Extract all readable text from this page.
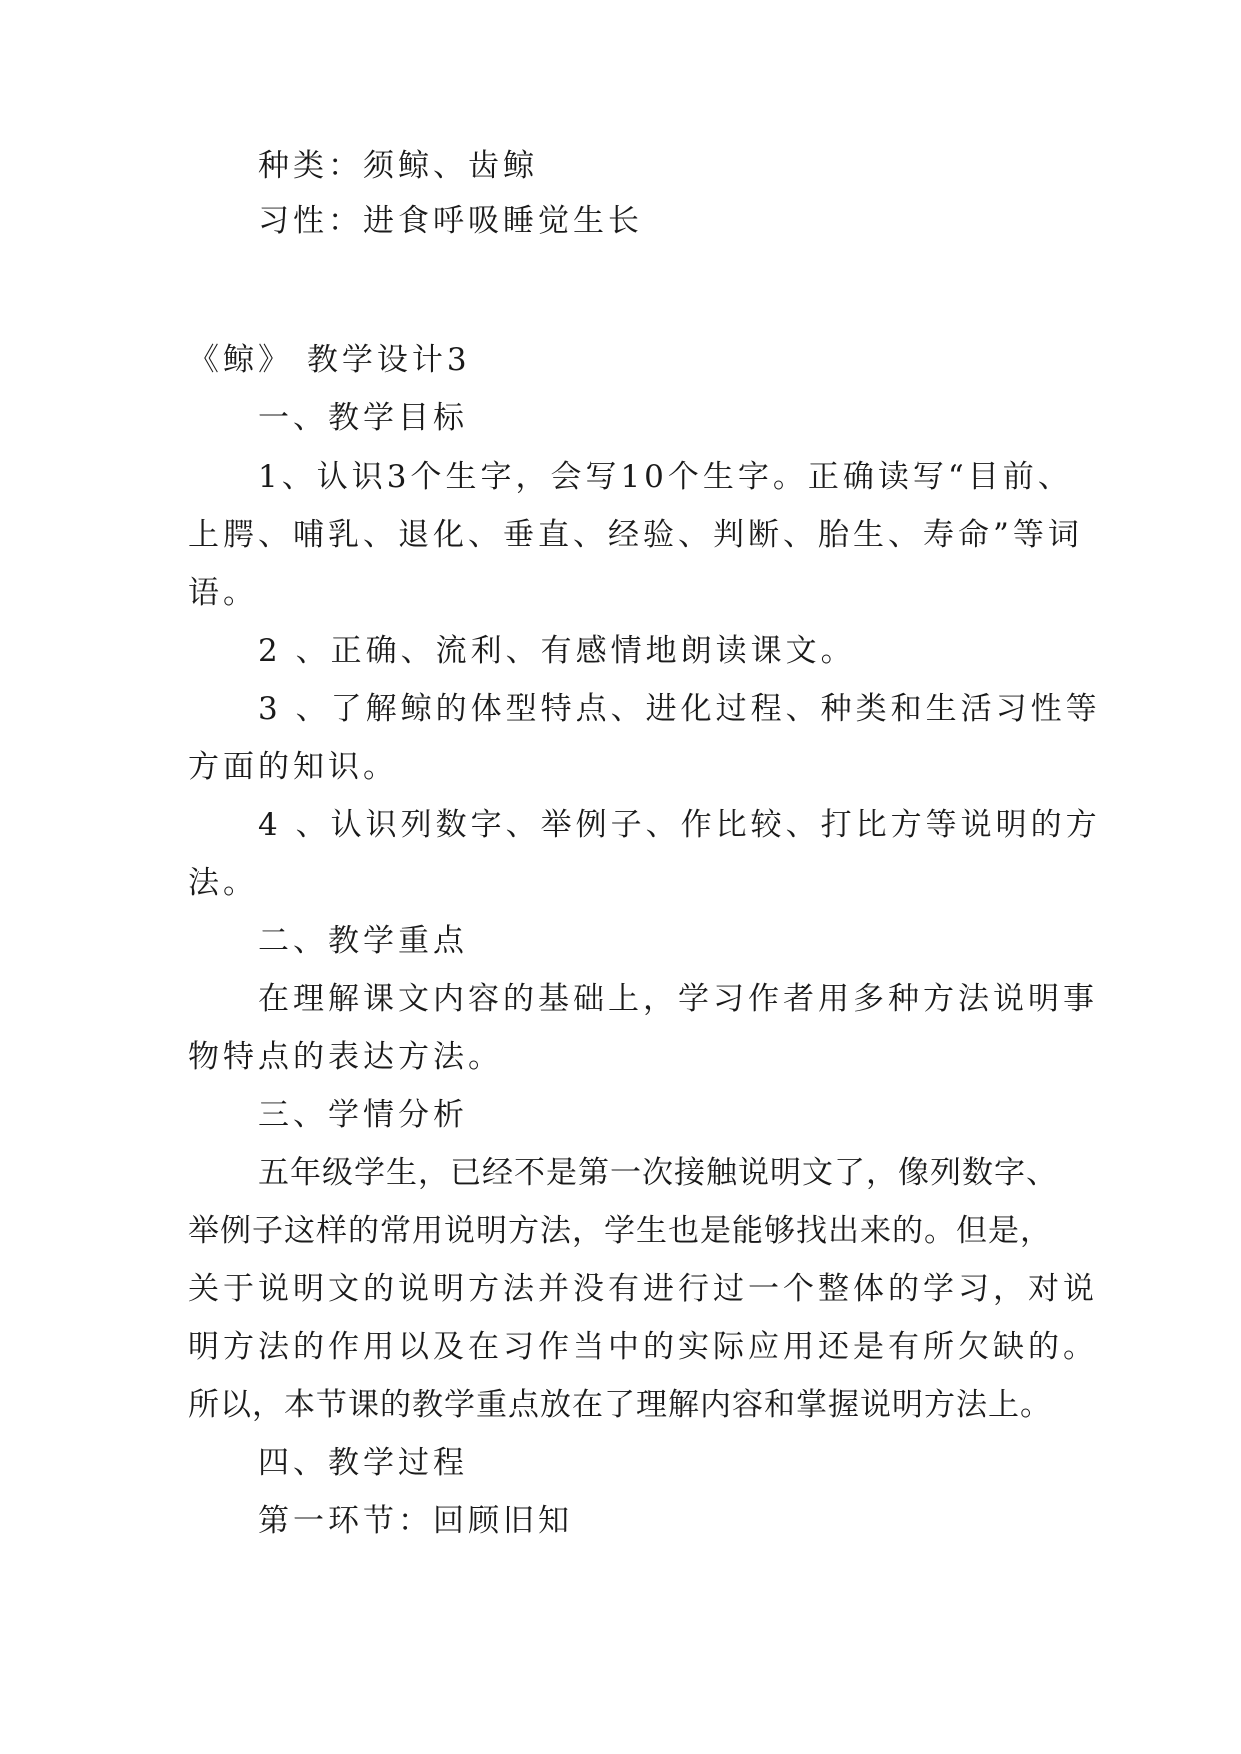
种类：须鲸、齿鲸
习性：进食呼吸睡觉生长
《鲸》 教学设计3
一、教学目标
1、认识3个生字，会写10个生字。正确读写“目前、
上腭、哺乳、退化、垂直、经验、判断、胎生、寿命”等词
语。
2 、正确、流利、有感情地朗读课文。
3 、了解鲸的体型特点、进化过程、种类和生活习性等
方面的知识。
4 、认识列数字、举例子、作比较、打比方等说明的方
法。
二、教学重点
在理解课文内容的基础上，学习作者用多种方法说明事
物特点的表达方法。
三、学情分析
五年级学生，已经不是第一次接触说明文了，像列数字、
举例子这样的常用说明方法，学生也是能够找出来的。但是，
关于说明文的说明方法并没有进行过一个整体的学习，对说
明方法的作用以及在习作当中的实际应用还是有所欠缺的。
所以，本节课的教学重点放在了理解内容和掌握说明方法上。
四、教学过程
第一环节：回顾旧知
